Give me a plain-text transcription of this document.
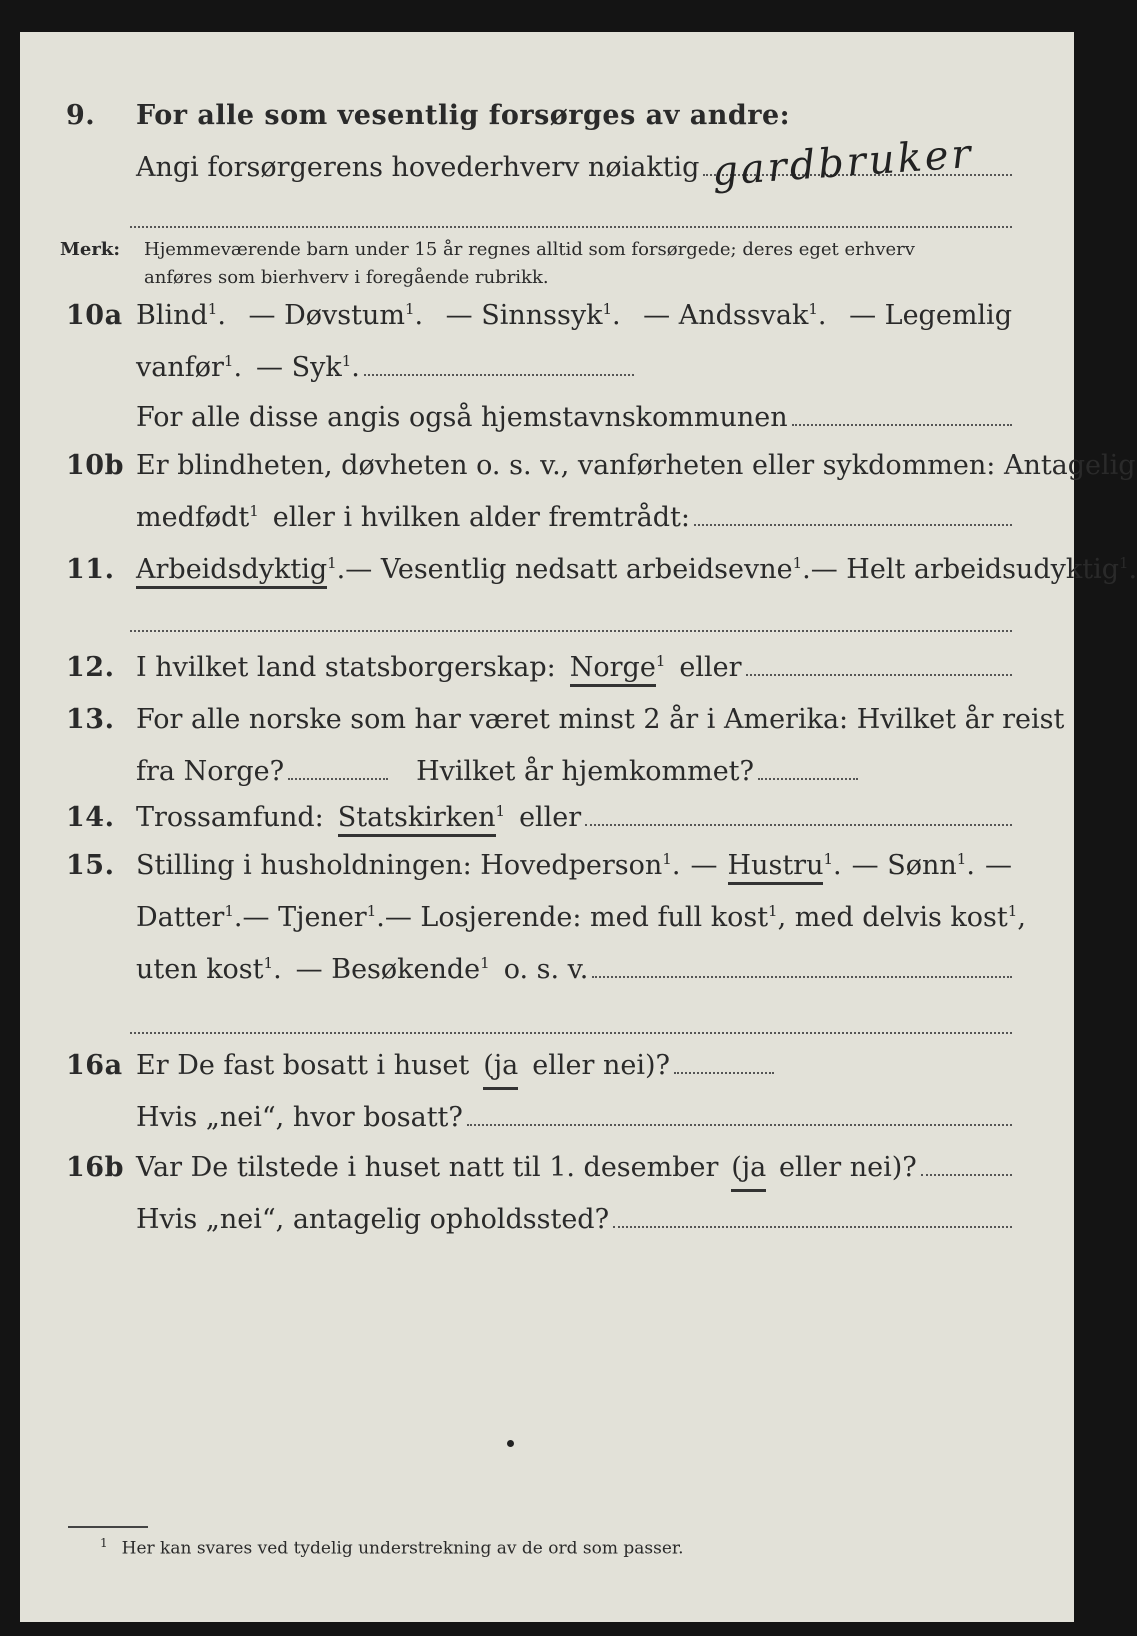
9.	For alle som vesentlig forsørges av andre:
Angi forsørgerens hovederhverv nøiaktig gardbruker
Merk: Hjemmeværende barn under 15 år regnes alltid som forsørgede; deres eget erhverv
anføres som bierhverv i foregående rubrikk.
10a Blind$^1$. — Døvstum$^1$. — Sinnssyk$^1$. — Andssvak$^1$. — Legemlig
vanfør$^1$. — Syk$^1$.
For alle disse angis også hjemstavnskommunen
10b Er blindheten, døvheten o. s. v., vanførheten eller sykdommen: Antagelig
medfødt$^1$ eller i hvilken alder fremtrådt:
11. Arbeidsdyktig$^1$. — Vesentlig nedsatt arbeidsevne$^1$. — Helt arbeidsudyktig$^1$.
12. I hvilket land statsborgerskap: Norge$^1$ eller
13. For alle norske som har været minst 2 år i Amerika: Hvilket år reist
fra Norge?	Hvilket år hjemkommet?
14. Trossamfund: Statskirken$^1$ eller
15. Stilling i husholdningen: Hovedperson$^1$. — Hustru$^1$. — Sønn$^1$. —
Datter$^1$. — Tjener$^1$. — Losjerende: med full kost$^1$ , med delvis kost$^1$,
uten kost$^1$. — Besøkende$^1$ o. s. v.
16a Er De fast bosatt i huset (ja eller nei)?
Hvis „nei“, hvor bosatt?
16b Var De tilstede i huset natt til 1. desember (ja eller nei)?
Hvis „nei“, antagelig opholdssted?
$^1$ Her kan svares ved tydelig understrekning av de ord som passer.
